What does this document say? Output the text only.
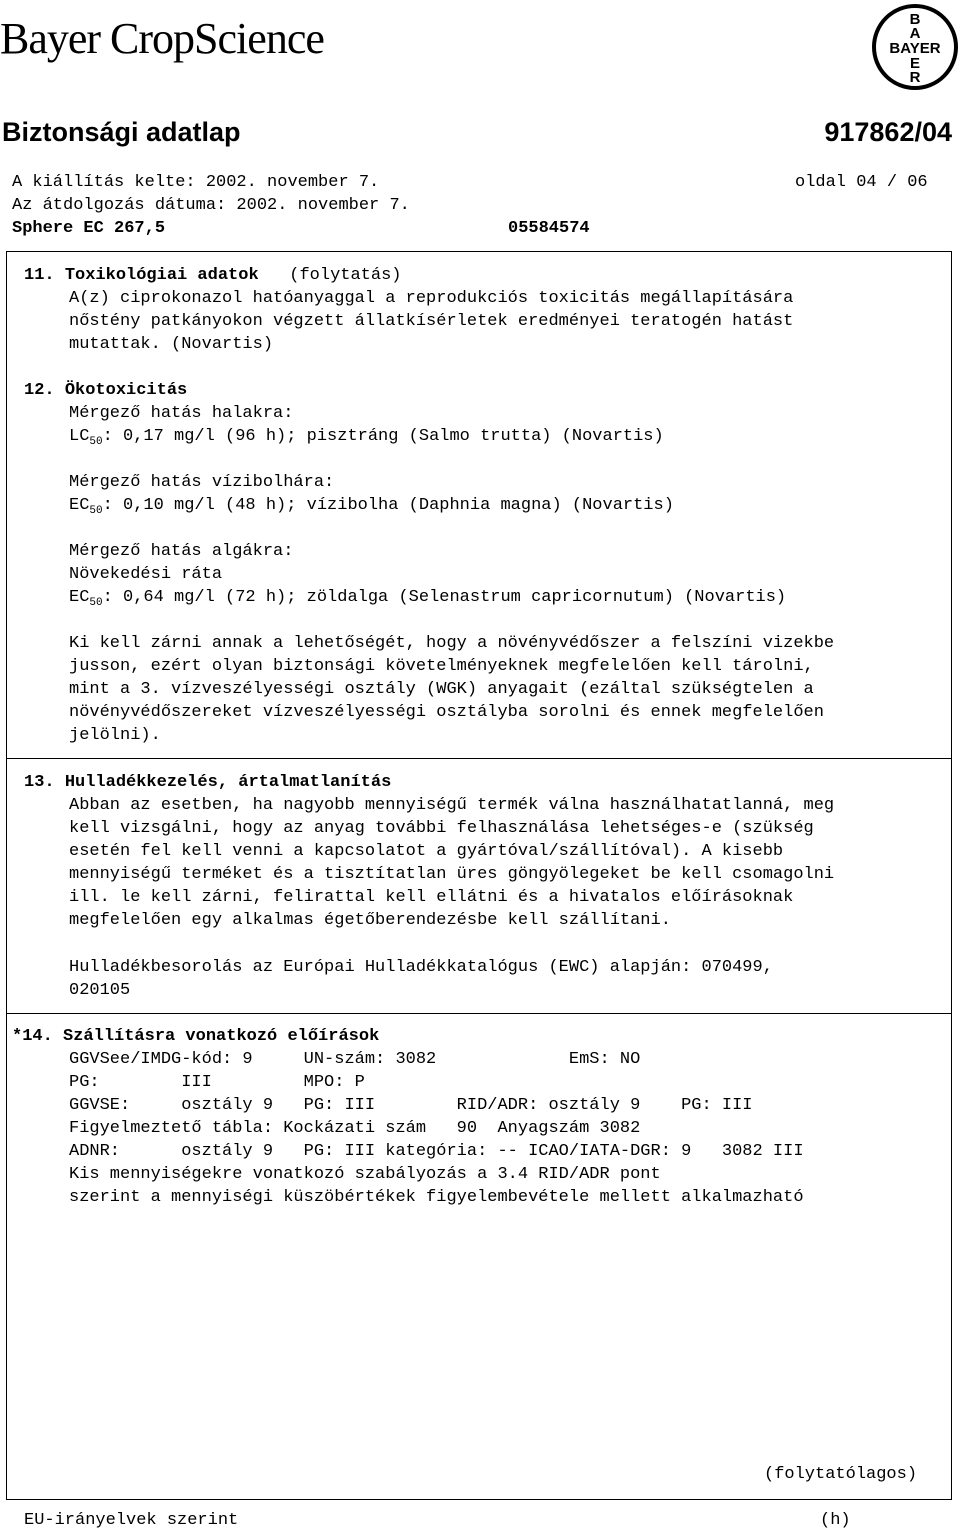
Bayer CropScience	B
A
BAYER
E
R
Biztonsági adatlap	917862/04
A kiállítás kelte: 2002. november 7.	oldal 04 / 06
Az átdolgozás dátuma: 2002. november 7.
Sphere EC 267,5	05584574
11. Toxikológiai adatok (folytatás)
A(z) ciprokonazol hatóanyaggal a reprodukciós toxicitás megállapítására
nőstény patkányokon végzett állatkísérletek eredményei teratogén hatást
mutattak. (Novartis)
12. Ökotoxicitás
Mérgező hatás halakra:
$LC_{50}$: 0,17 mg/l (96 h); pisztráng (Salmo trutta) (Novartis)
Mérgező hatás vízibolhára:
$EC_{50}$: 0,10 mg/l (48 h); vízibolha (Daphnia magna) (Novartis)
Mérgező hatás algákra:
Növekedési ráta
$EC_{50}$: 0,64 mg/l (72 h); zöldalga (Selenastrum capricornutum) (Novartis)
Ki kell zárni annak a lehetőségét, hogy a növényvédőszer a felszíni vizekbe
jusson, ezért olyan biztonsági követelményeknek megfelelően kell tárolni,
mint a 3. vízveszélyességi osztály (WGK) anyagait (ezáltal szükségtelen a
növényvédőszereket vízveszélyességi osztályba sorolni és ennek megfelelően
jelölni).
13. Hulladékkezelés, ártalmatlanítás
Abban az esetben, ha nagyobb mennyiségű termék válna használhatatlanná, meg
kell vizsgálni, hogy az anyag további felhasználása lehetséges-e (szükség
esetén fel kell venni a kapcsolatot a gyártóval/szállítóval). A kisebb
mennyiségű terméket és a tisztítatlan üres göngyölegeket be kell csomagolni
ill. le kell zárni, felirattal kell ellátni és a hivatalos előírásoknak
megfelelően egy alkalmas égetőberendezésbe kell szállítani.
Hulladékbesorolás az Európai Hulladékkatalógus (EWC) alapján: 070499,
020105
*14. Szállításra vonatkozó előírások
GGVSee/IMDG-kód: 9     UN-szám: 3082             EmS: NO
PG:        III         MPO: P
GGVSE:     osztály 9   PG: III        RID/ADR: osztály 9    PG: III
Figyelmeztető tábla: Kockázati szám   90  Anyagszám 3082
ADNR:      osztály 9   PG: III kategória: -- ICAO/IATA-DGR: 9   3082 III
Kis mennyiségekre vonatkozó szabályozás a 3.4 RID/ADR pont
szerint a mennyiségi küszöbértékek figyelembevétele mellett alkalmazható
(folytatólagos)
EU-irányelvek szerint	(h)
